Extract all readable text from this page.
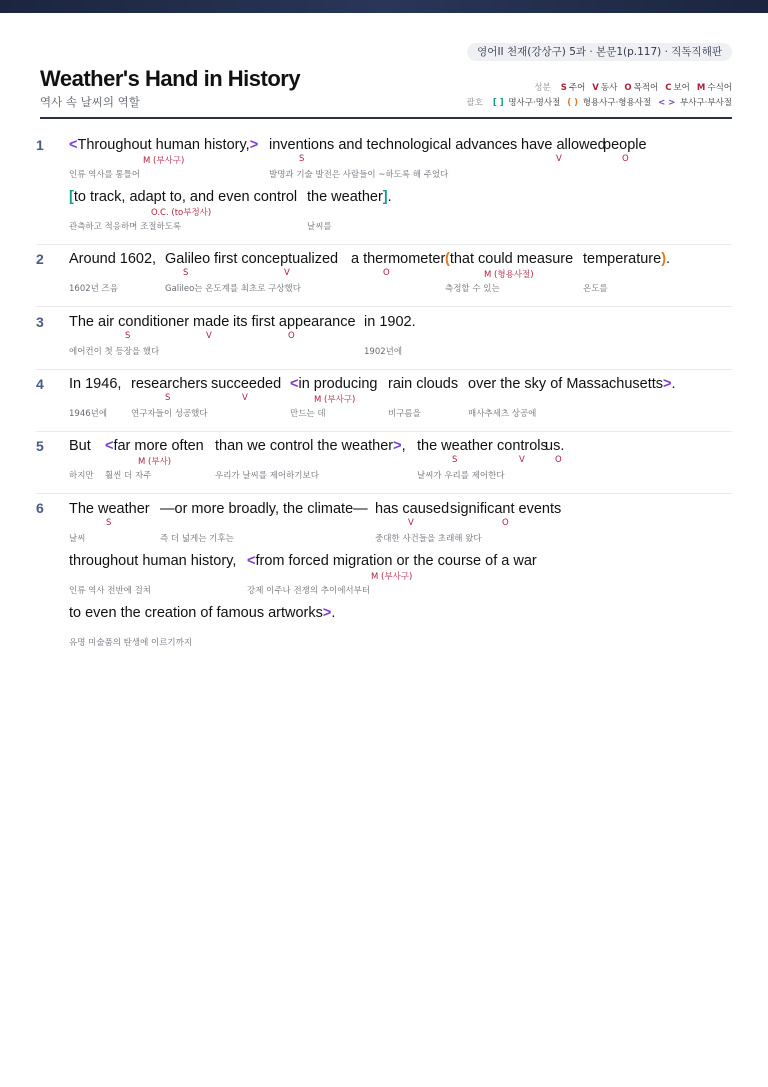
영어II 천재(강상구) 5과 · 본문1(p.117) · 직독직해판
Weather's Hand in History
역사 속 날씨의 역할
성분 S 주어 V 동사 O 목적어 C 보어 M 수식어
괄호 [ ] 명사구·명사절 ( ) 형용사구·형용사절 < > 부사구·부사절
1 <Throughout human history,>
M (부사구)
인류 역사를 통틀어
inventions and technological advances
S
발명과 기술 발전은 사람들이 ~하도록 해 주었다
have allowed
V
people
O
[to track, adapt to, and even control
O.C. (to부정사)
관측하고 적응하며 조절하도록
the weather].
날씨를
2 Around 1602,
1602년 즈음
Galileo
S
Galileo는 온도계를 최초로 구상했다
first conceptualized
V
a thermometer
O
(that could measure
M (형용사절)
측정할 수 있는
temperature).
온도를
3 The air conditioner
S
에어컨이 첫 등장을 했다
made
V
its first appearance
O
in 1902.
1902년에
4 In 1946,
1946년에
researchers
S
연구자들이 성공했다
succeeded
V
<in producing
M (부사구)
만드는 데
rain clouds
비구름을
over the sky of Massachusetts>.
매사추세츠 상공에
5 But
하지만
<far more often
M (부사)
훨씬 더 자주
than we control the weather>,
우리가 날씨를 제어하기보다
the weather
S
날씨가 우리를 제어한다
controls
V
us.
O
6 The weather
S
날씨
—or more broadly, the climate—
즉 더 넓게는 기후는
has caused
V
중대한 사건들을 초래해 왔다
significant events
O
throughout human history,
인류 역사 전반에 걸쳐
<from forced migration or the course of a war
M (부사구)
강제 이주나 전쟁의 추이에서부터
to even the creation of famous artworks>.
유명 미술품의 탄생에 이르기까지
